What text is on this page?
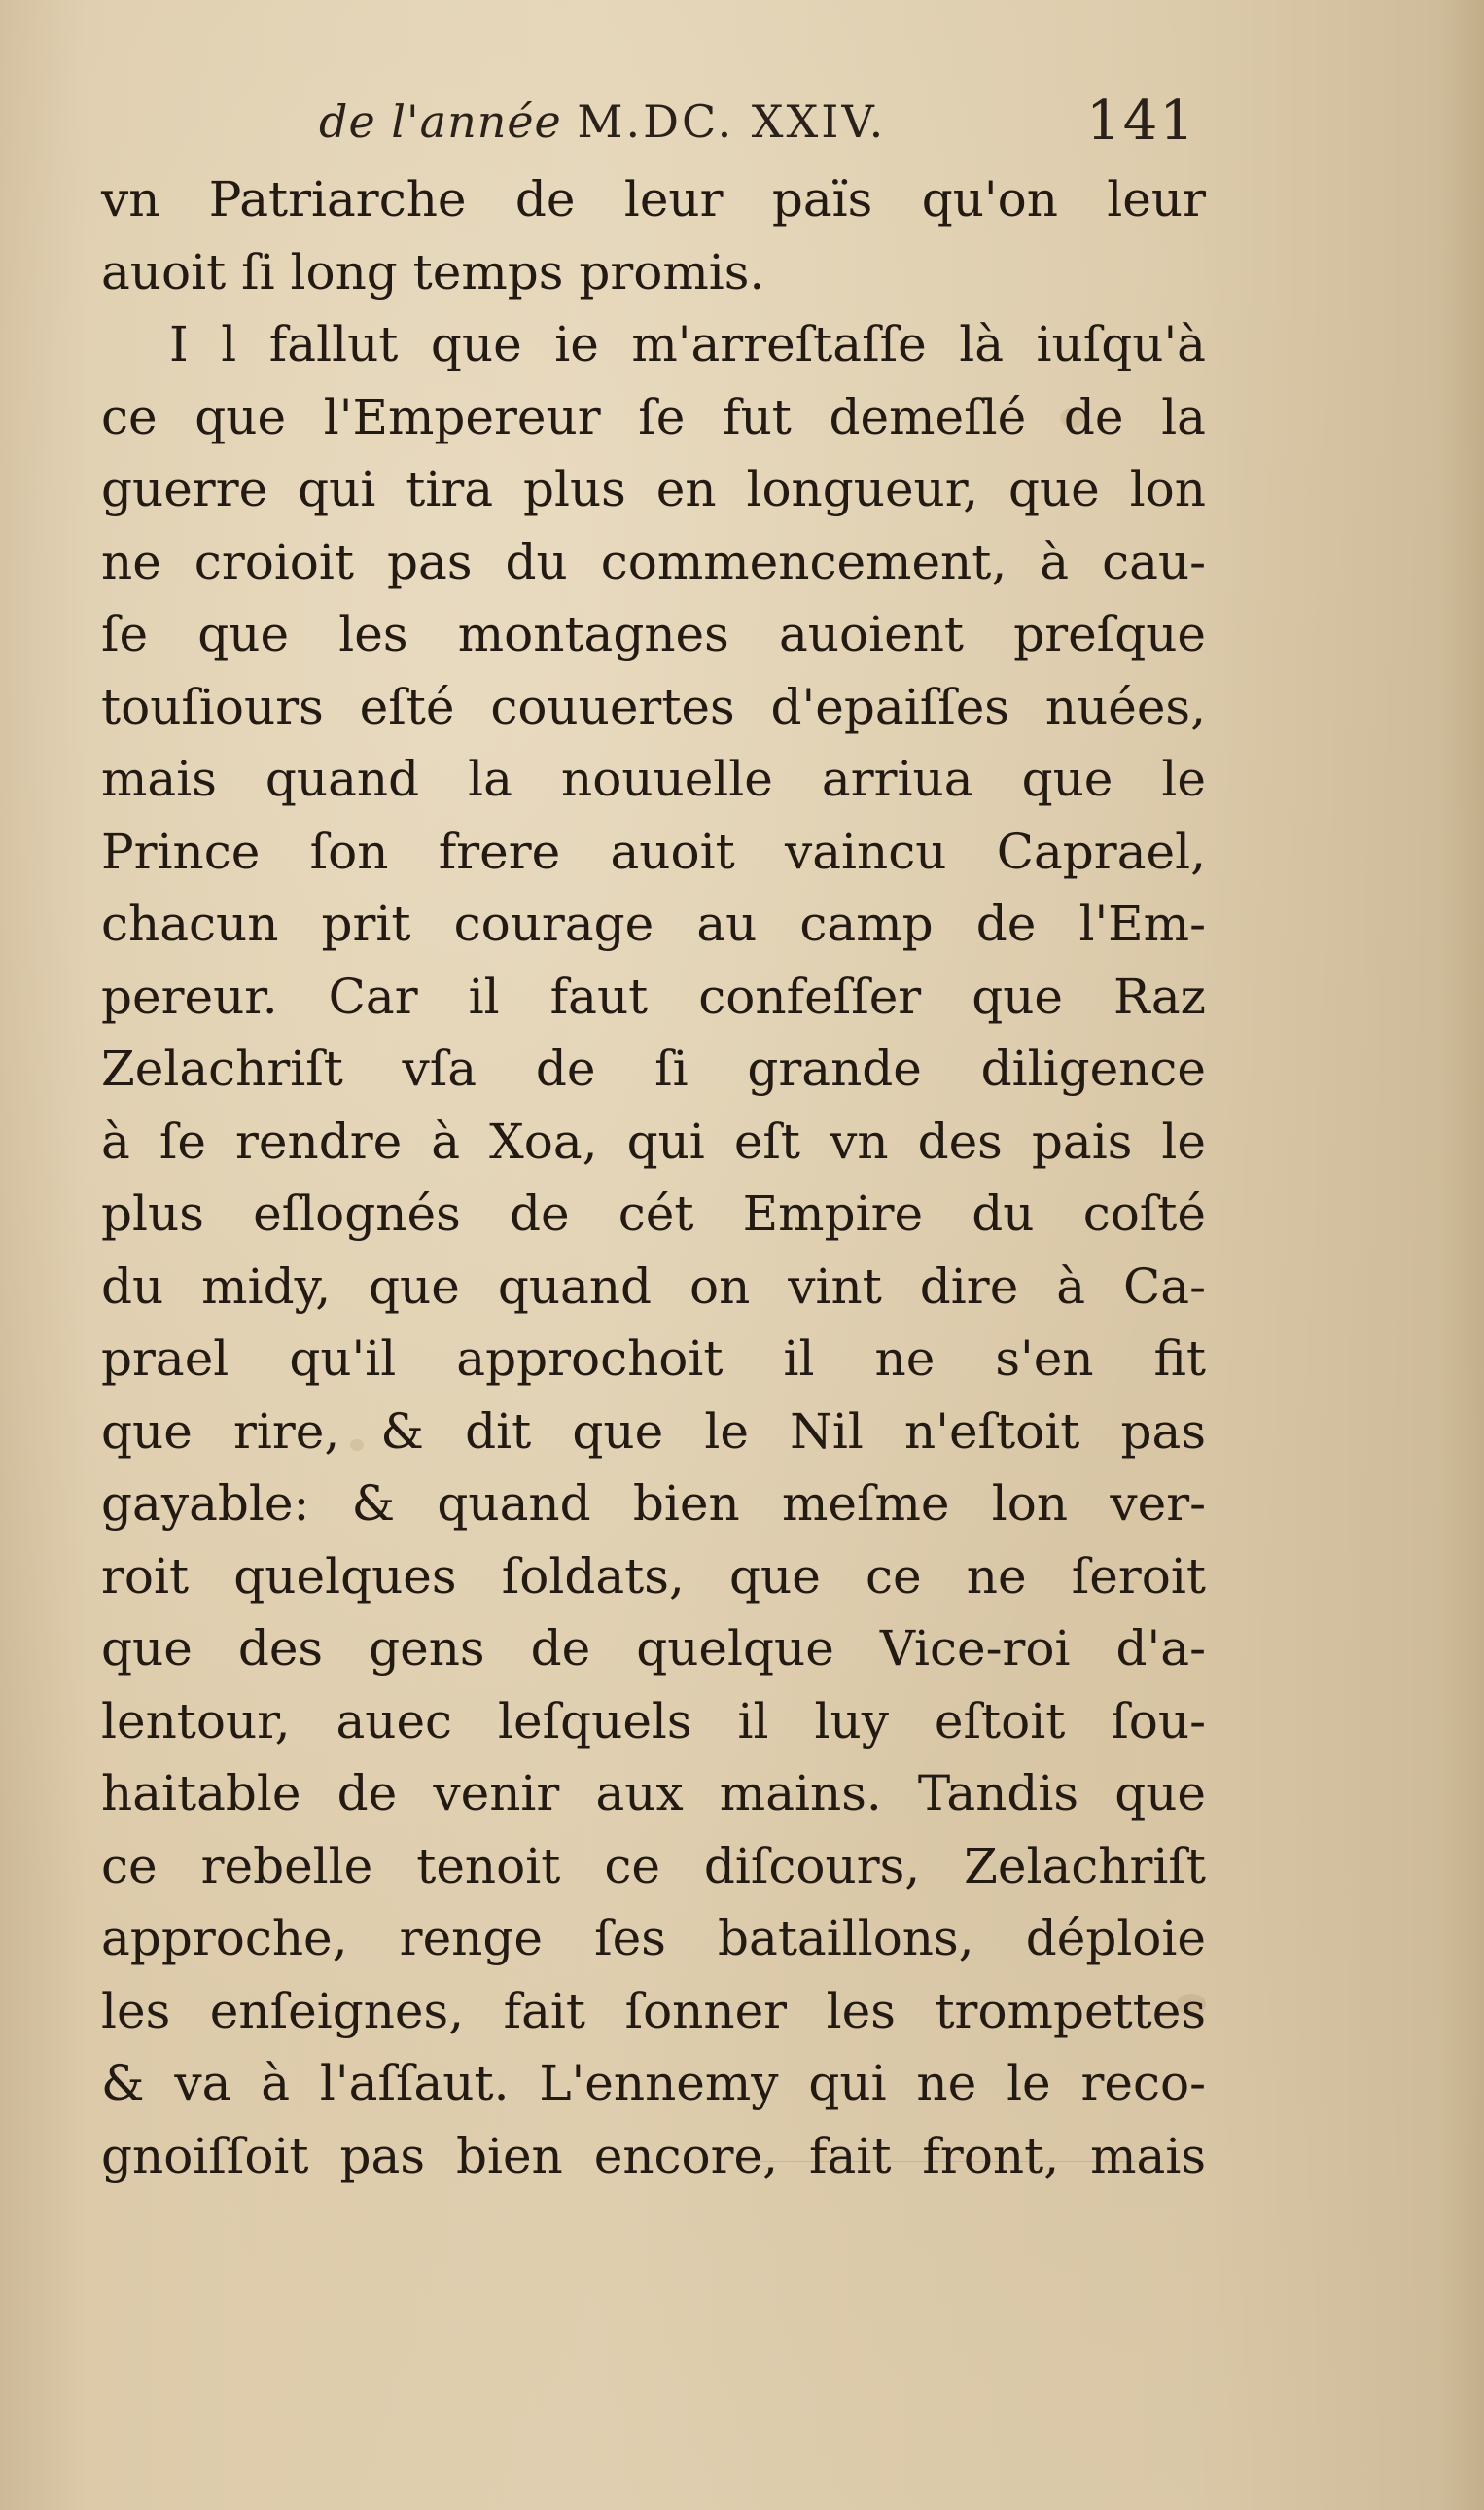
de l'année M.DC. XXIV.	141
vn Patriarche de leur païs qu'on leur
auoit ſi long temps promis.
I l fallut que ie m'arreſtaſſe là iuſqu'à
ce que l'Empereur ſe fut demeſlé de la
guerre qui tira plus en longueur, que lon
ne croioit pas du commencement, à cau-
ſe que les montagnes auoient preſque
touſiours eſté couuertes d'epaiſſes nuées,
mais quand la nouuelle arriua que le
Prince ſon frere auoit vaincu Caprael,
chacun prit courage au camp de l'Em-
pereur. Car il faut confeſſer que Raz
Zelachriſt vſa de ſi grande diligence
à ſe rendre à Xoa, qui eſt vn des pais le
plus eſlognés de cét Empire du coſté
du midy, que quand on vint dire à Ca-
prael qu'il approchoit il ne s'en fit
que rire, & dit que le Nil n'eſtoit pas
gayable: & quand bien meſme lon ver-
roit quelques ſoldats, que ce ne ſeroit
que des gens de quelque Vice-roi d'a-
lentour, auec leſquels il luy eſtoit ſou-
haitable de venir aux mains. Tandis que
ce rebelle tenoit ce diſcours, Zelachriſt
approche, renge ſes bataillons, déploie
les enſeignes, fait ſonner les trompettes
& va à l'aſſaut. L'ennemy qui ne le reco-
gnoiſſoit pas bien encore, fait front, mais
